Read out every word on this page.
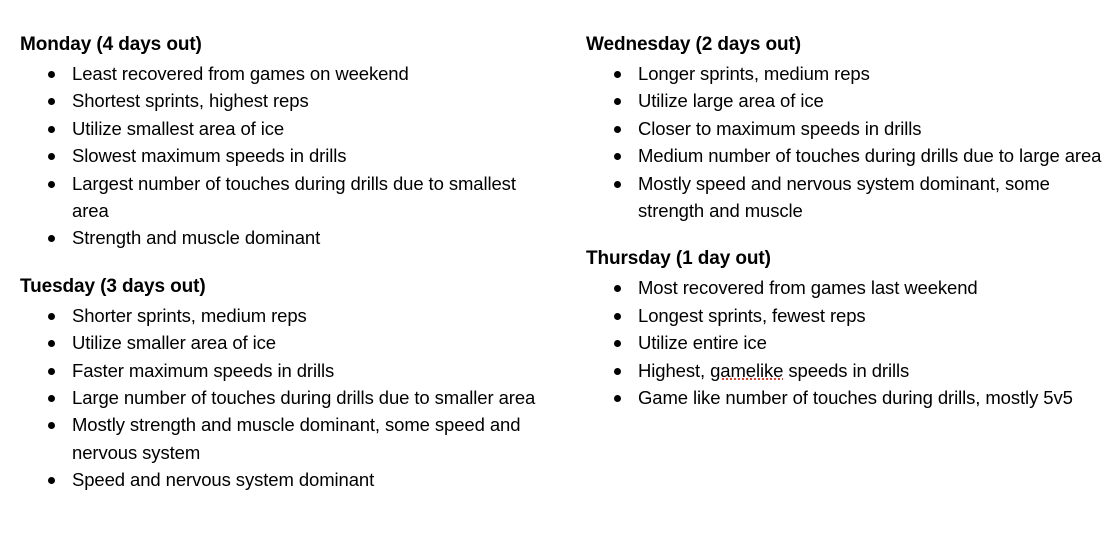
Monday (4 days out)
Least recovered from games on weekend
Shortest sprints, highest reps
Utilize smallest area of ice
Slowest maximum speeds in drills
Largest number of touches during drills due to smallest area
Strength and muscle dominant
Tuesday (3 days out)
Shorter sprints, medium reps
Utilize smaller area of ice
Faster maximum speeds in drills
Large number of touches during drills due to smaller area
Mostly strength and muscle dominant, some speed and nervous system
Speed and nervous system dominant
Wednesday (2 days out)
Longer sprints, medium reps
Utilize large area of ice
Closer to maximum speeds in drills
Medium number of touches during drills due to large area
Mostly speed and nervous system dominant, some strength and muscle
Thursday (1 day out)
Most recovered from games last weekend
Longest sprints, fewest reps
Utilize entire ice
Highest, gamelike speeds in drills
Game like number of touches during drills, mostly 5v5
